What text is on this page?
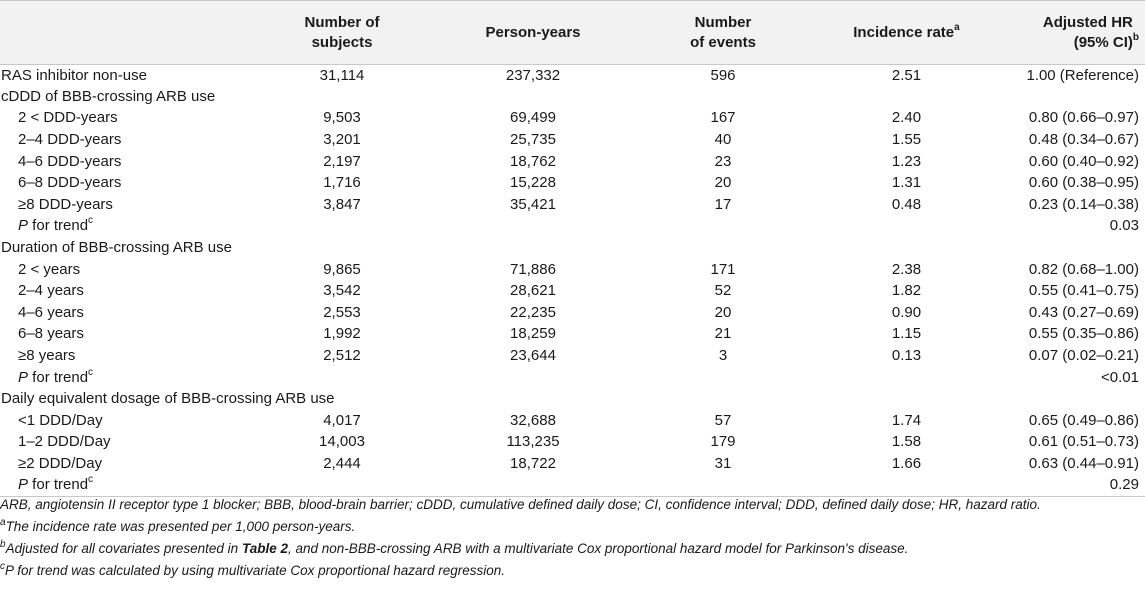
	Number of subjects	Person-years	Number of events	Incidence rate$^a$	Adjusted HR (95% CI)$^b$
RAS inhibitor non-use	31,114	237,332	596	2.51	1.00 (Reference)
cDDD of BBB-crossing ARB use					
2 < DDD-years	9,503	69,499	167	2.40	0.80 (0.66–0.97)
2–4 DDD-years	3,201	25,735	40	1.55	0.48 (0.34–0.67)
4–6 DDD-years	2,197	18,762	23	1.23	0.60 (0.40–0.92)
6–8 DDD-years	1,716	15,228	20	1.31	0.60 (0.38–0.95)
≥8 DDD-years	3,847	35,421	17	0.48	0.23 (0.14–0.38)
P for trend$^c$					0.03
Duration of BBB-crossing ARB use					
2 < years	9,865	71,886	171	2.38	0.82 (0.68–1.00)
2–4 years	3,542	28,621	52	1.82	0.55 (0.41–0.75)
4–6 years	2,553	22,235	20	0.90	0.43 (0.27–0.69)
6–8 years	1,992	18,259	21	1.15	0.55 (0.35–0.86)
≥8 years	2,512	23,644	3	0.13	0.07 (0.02–0.21)
P for trend$^c$					<0.01
Daily equivalent dosage of BBB-crossing ARB use					
<1 DDD/Day	4,017	32,688	57	1.74	0.65 (0.49–0.86)
1–2 DDD/Day	14,003	113,235	179	1.58	0.61 (0.51–0.73)
≥2 DDD/Day	2,444	18,722	31	1.66	0.63 (0.44–0.91)
P for trend$^c$					0.29
ARB, angiotensin II receptor type 1 blocker; BBB, blood-brain barrier; cDDD, cumulative defined daily dose; CI, confidence interval; DDD, defined daily dose; HR, hazard ratio.
$^a$The incidence rate was presented per 1,000 person-years.
$^b$Adjusted for all covariates presented in Table 2, and non-BBB-crossing ARB with a multivariate Cox proportional hazard model for Parkinson's disease.
$^c$P for trend was calculated by using multivariate Cox proportional hazard regression.
